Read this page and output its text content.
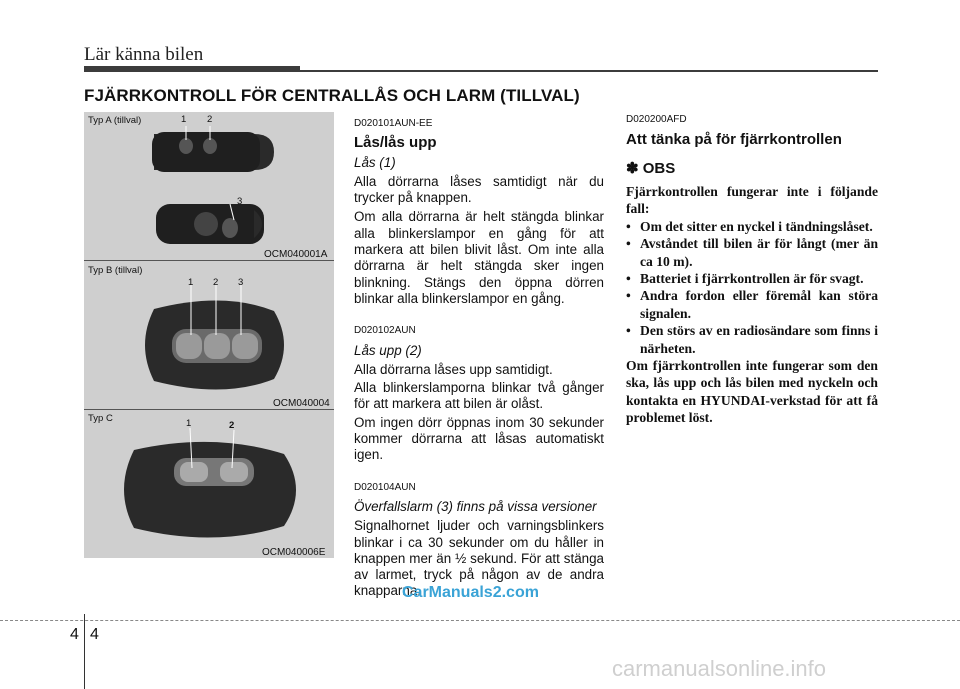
Lär känna bilen
FJÄRRKONTROLL FÖR CENTRALLÅS OCH LARM (TILLVAL)
Typ A (tillval)	1 2
3
OCM040001A
Typ B (tillval)
1 2 3
OCM040004
Typ C	1	2
OCM040006E
D020101AUN-EE
Lås/lås upp
Lås (1)

Alla dörrarna låses samtidigt när du trycker på knappen.

Om alla dörrarna är helt stängda blinkar alla blinkerslampor en gång för att markera att bilen blivit låst. Om inte alla dörrarna är helt stängda sker ingen blinkning. Stängs den öppna dörren blinkar alla blinkerslampor en gång.

D020102AUN
Lås upp (2)

Alla dörrarna låses upp samtidigt.

Alla blinkerslamporna blinkar två gånger för att markera att bilen är olåst.

Om ingen dörr öppnas inom 30 sekunder kommer dörrarna att låsas automatiskt igen.

D020104AUN
Överfallslarm (3) finns på vissa versioner

Signalhornet ljuder och varningsblinkers blinkar i ca 30 sekunder om du håller in knappen mer än ½ sekund. För att stänga av larmet, tryck på någon av de andra knapparna.

D020200AFD
Att tänka på för fjärrkontrollen
✽ OBS

Fjärrkontrollen fungerar inte i följande fall:

• Om det sitter en nyckel i tändningslåset.
• Avståndet till bilen är för långt (mer än ca 10 m).
• Batteriet i fjärrkontrollen är för svagt.
• Andra fordon eller föremål kan störa signalen.
• Den störs av en radiosändare som finns i närheten.

Om fjärrkontrollen inte fungerar som den ska, lås upp och lås bilen med nyckeln och kontakta en HYUNDAI-verkstad för att få problemet löst.

CarManuals2.com
4 4
carmanualsonline.info
